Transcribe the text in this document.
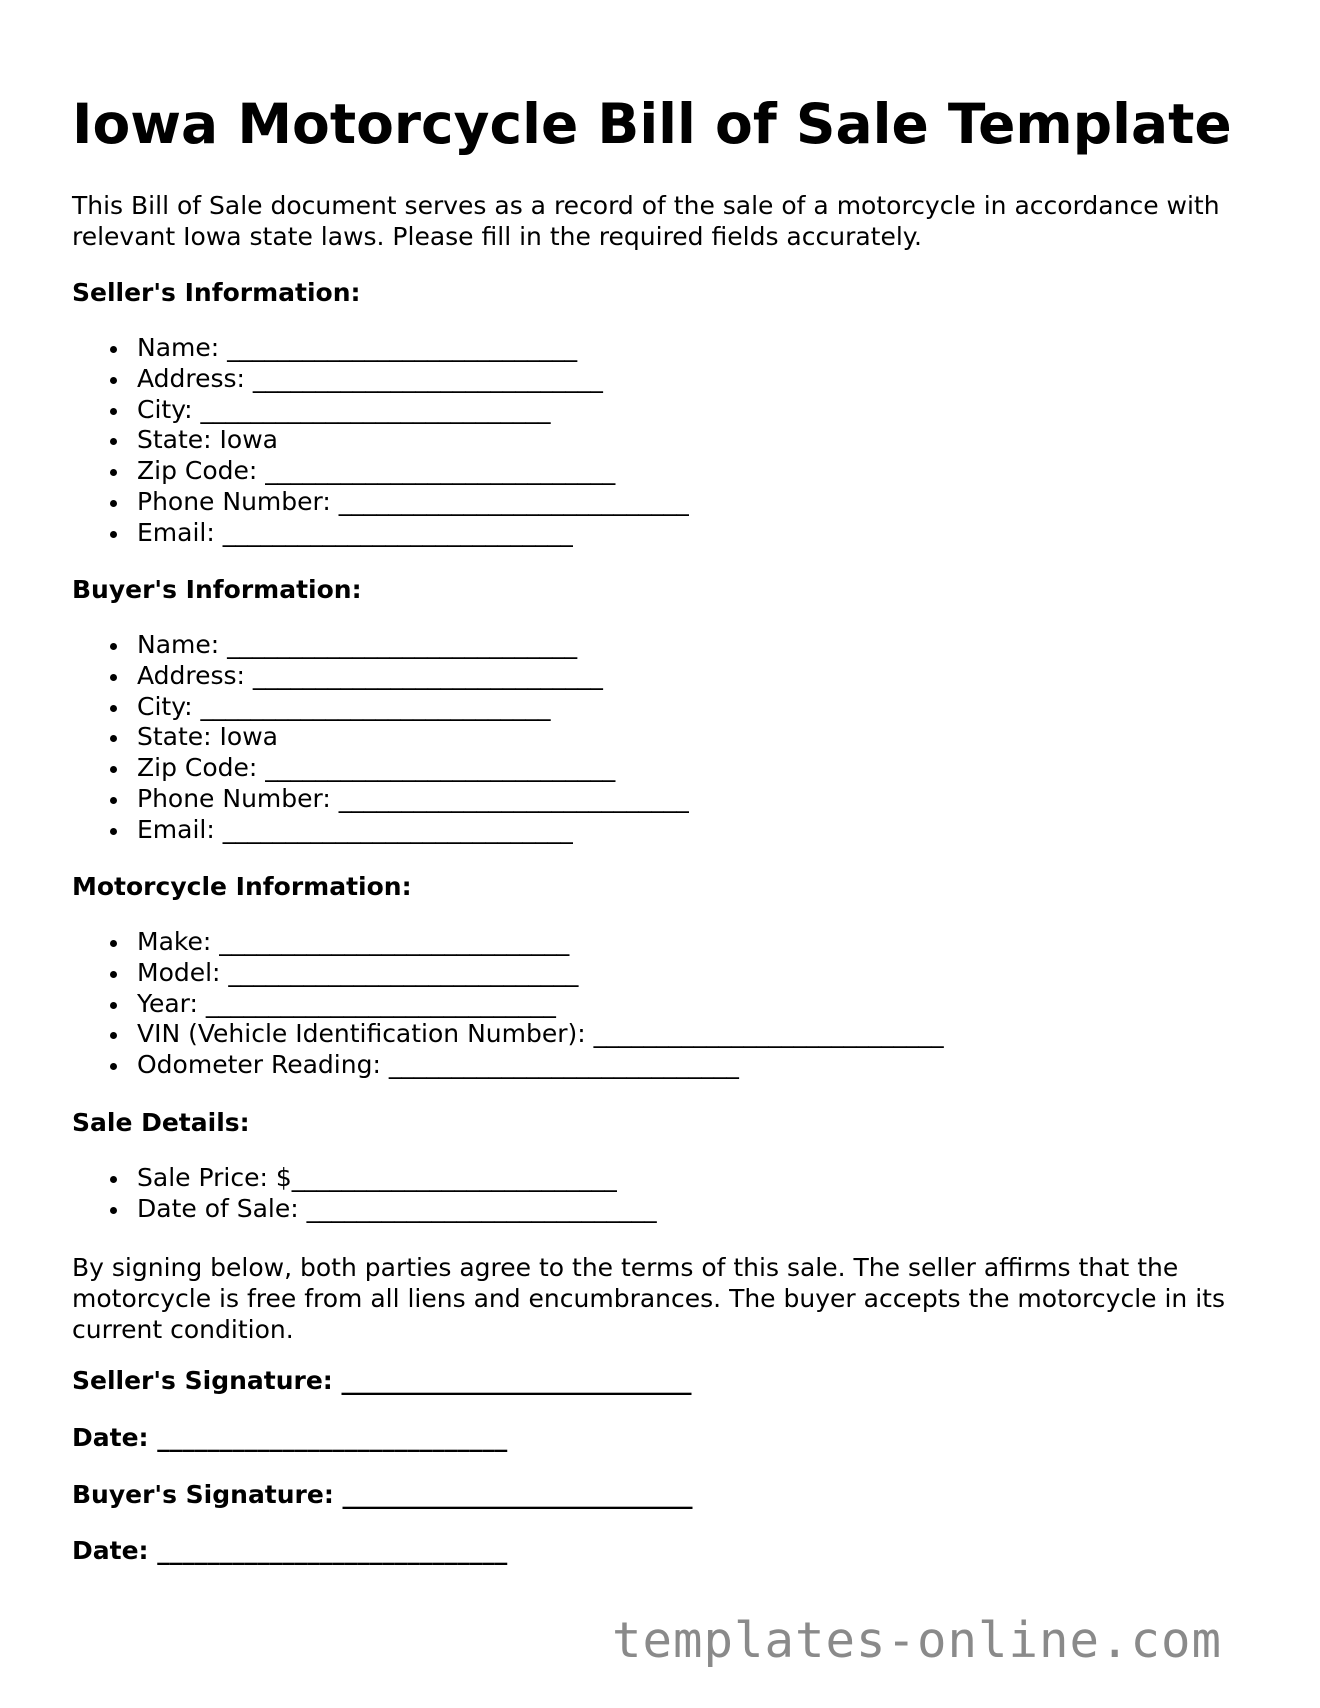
Iowa Motorcycle Bill of Sale Template

This Bill of Sale document serves as a record of the sale of a motorcycle in accordance with relevant Iowa state laws. Please fill in the required fields accurately.

Seller's Information:

Name: ____________________________
Address: ____________________________
City: ____________________________
State: Iowa
Zip Code: ____________________________
Phone Number: ____________________________
Email: ____________________________

Buyer's Information:

Name: ____________________________
Address: ____________________________
City: ____________________________
State: Iowa
Zip Code: ____________________________
Phone Number: ____________________________
Email: ____________________________

Motorcycle Information:

Make: ____________________________
Model: ____________________________
Year: ____________________________
VIN (Vehicle Identification Number): ____________________________
Odometer Reading: ____________________________

Sale Details:

Sale Price: $__________________________
Date of Sale: ____________________________

By signing below, both parties agree to the terms of this sale. The seller affirms that the motorcycle is free from all liens and encumbrances. The buyer accepts the motorcycle in its current condition.

Seller's Signature: ____________________________

Date: ____________________________

Buyer's Signature: ____________________________

Date: ____________________________

templates-online.com
